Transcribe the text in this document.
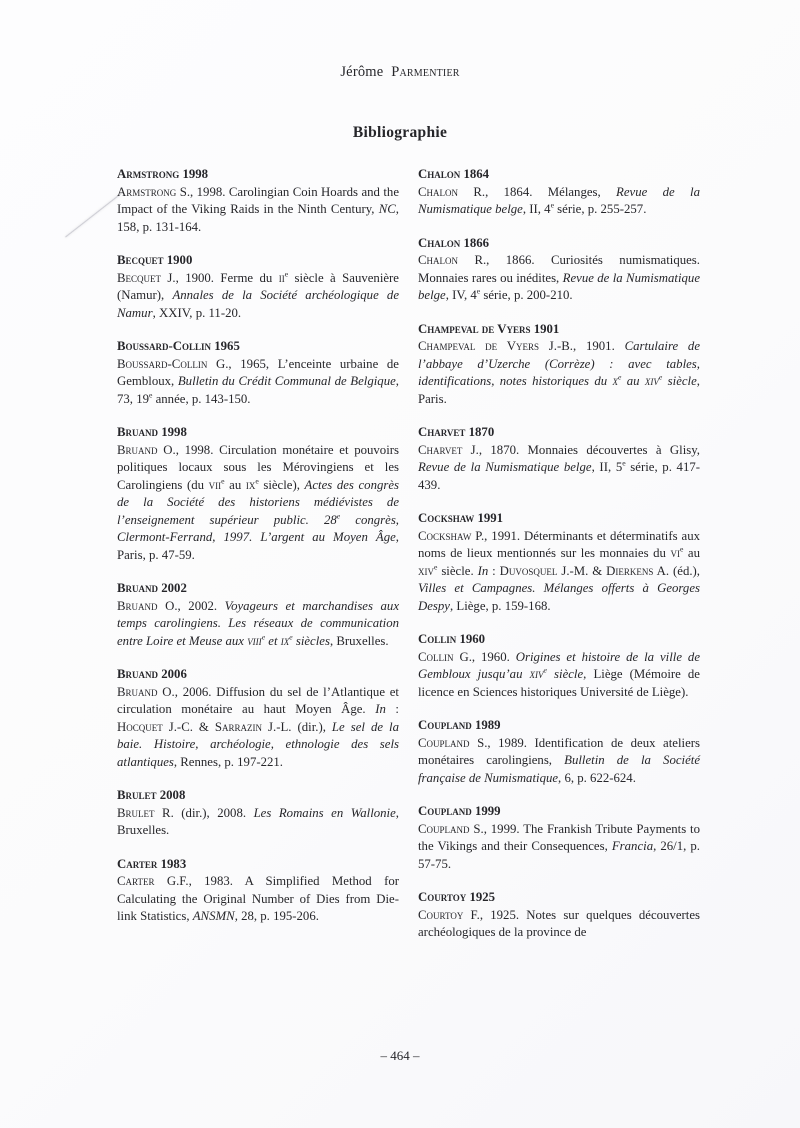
Jérôme Parmentier
Bibliographie
Armstrong 1998

Armstrong S., 1998. Carolingian Coin Hoards and the Impact of the Viking Raids in the Ninth Century, NC, 158, p. 131-164.

Becquet 1900

Becquet J., 1900. Ferme du $ii^e$ siècle à Sauvenière (Namur), Annales de la Société archéologique de Namur, XXIV, p. 11-20.

Boussard-Collin 1965

Boussard-Collin G., 1965, L’enceinte urbaine de Gembloux, Bulletin du Crédit Communal de Belgique, 73, 19e année, p. 143-150.

Bruand 1998

Bruand O., 1998. Circulation monétaire et pouvoirs politiques locaux sous les Mérovingiens et les Carolingiens (du vii$^e$ au $ix^e$ siècle), Actes des congrès de la Société des historiens médiévistes de l’enseignement supérieur public. 28e congrès, Clermont-Ferrand, 1997. L’argent au Moyen Âge, Paris, p. 47-59.

Bruand 2002

Bruand O., 2002. Voyageurs et marchandises aux temps carolingiens. Les réseaux de communication entre Loire et Meuse aux viii$^e$ et $ix^e$ siècles, Bruxelles.

Bruand 2006

Bruand O., 2006. Diffusion du sel de l’Atlantique et circulation monétaire au haut Moyen Âge. In : Hocquet J.-C. & Sarrazin J.-L. (dir.), Le sel de la baie. Histoire, archéologie, ethnologie des sels atlantiques, Rennes, p. 197-221.

Brulet 2008

Brulet R. (dir.), 2008. Les Romains en Wallonie, Bruxelles.

Carter 1983

Carter G.F., 1983. A Simplified Method for Calculating the Original Number of Dies from Die-link Statistics, ANSMN, 28, p. 195-206.

Chalon 1864

Chalon R., 1864. Mélanges, Revue de la Numismatique belge, II, 4e série, p. 255-257.

Chalon 1866

Chalon R., 1866. Curiosités numismatiques. Monnaies rares ou inédites, Revue de la Numismatique belge, IV, 4e série, p. 200-210.

Champeval de Vyers 1901

Champeval de Vyers J.-B., 1901. Cartulaire de l’abbaye d’Uzerche (Corrèze) : avec tables, identifications, notes historiques du $x^e$ au xiv$^e$ siècle, Paris.

Charvet 1870

Charvet J., 1870. Monnaies découvertes à Glisy, Revue de la Numismatique belge, II, 5e série, p. 417-439.

Cockshaw 1991

Cockshaw P., 1991. Déterminants et déterminatifs aux noms de lieux mentionnés sur les monnaies du $vi^e$ au xiv$^e$ siècle. In : Duvosquel J.-M. & Dierkens A. (éd.), Villes et Campagnes. Mélanges offerts à Georges Despy, Liège, p. 159-168.

Collin 1960

Collin G., 1960. Origines et histoire de la ville de Gembloux jusqu’au xiv$^e$ siècle, Liège (Mémoire de licence en Sciences historiques Université de Liège).

Coupland 1989

Coupland S., 1989. Identification de deux ateliers monétaires carolingiens, Bulletin de la Société française de Numismatique, 6, p. 622-624.

Coupland 1999

Coupland S., 1999. The Frankish Tribute Payments to the Vikings and their Consequences, Francia, 26/1, p. 57-75.

Courtoy 1925

Courtoy F., 1925. Notes sur quelques découvertes archéologiques de la province de

– 464 –
